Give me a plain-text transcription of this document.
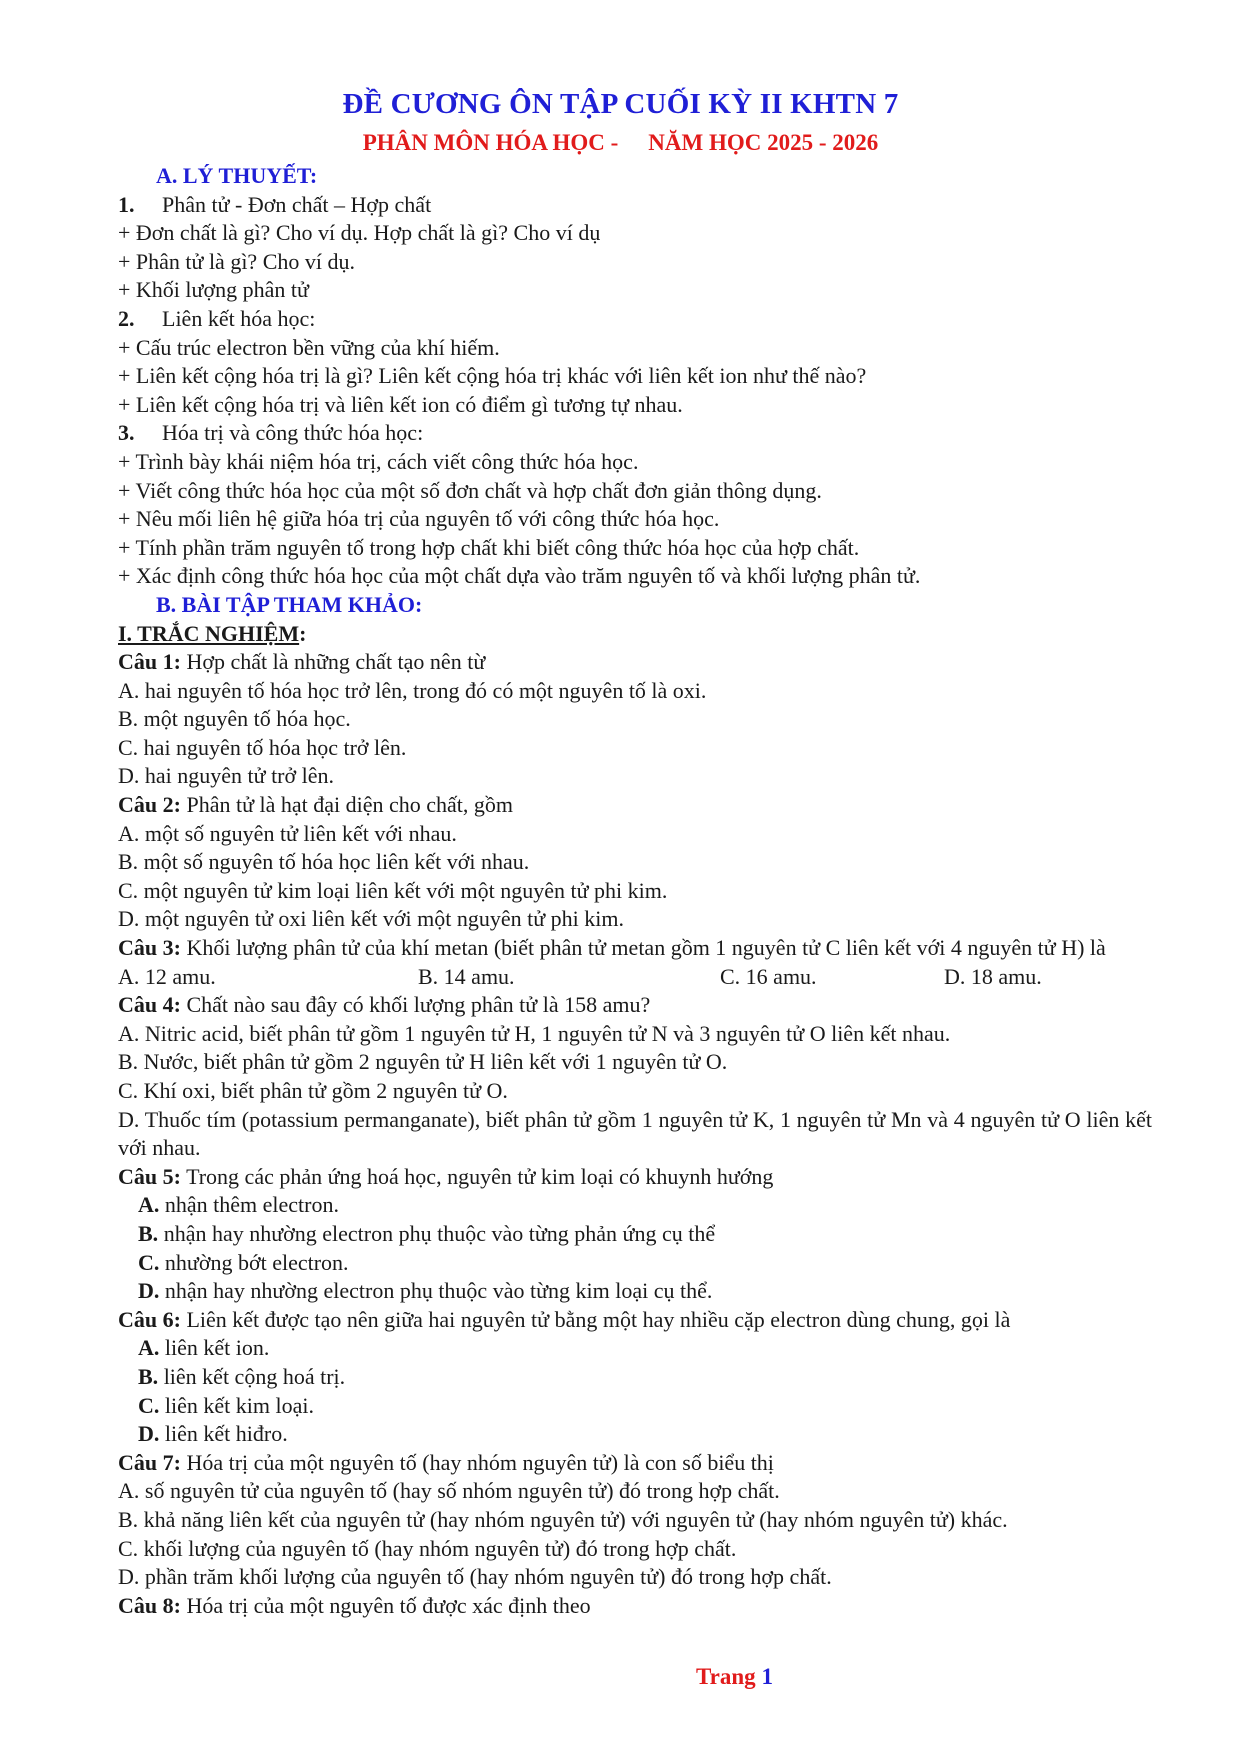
ĐỀ CƯƠNG ÔN TẬP CUỐI KỲ II KHTN 7
PHÂN MÔN HÓA HỌC - NĂM HỌC 2025 - 2026
A. LÝ THUYẾT:
1. Phân tử - Đơn chất – Hợp chất
+ Đơn chất là gì? Cho ví dụ. Hợp chất là gì? Cho ví dụ
+ Phân tử là gì? Cho ví dụ.
+ Khối lượng phân tử
2. Liên kết hóa học:
+ Cấu trúc electron bền vững của khí hiếm.
+ Liên kết cộng hóa trị là gì? Liên kết cộng hóa trị khác với liên kết ion như thế nào?
+ Liên kết cộng hóa trị và liên kết ion có điểm gì tương tự nhau.
3. Hóa trị và công thức hóa học:
+ Trình bày khái niệm hóa trị, cách viết công thức hóa học.
+ Viết công thức hóa học của một số đơn chất và hợp chất đơn giản thông dụng.
+ Nêu mối liên hệ giữa hóa trị của nguyên tố với công thức hóa học.
+ Tính phần trăm nguyên tố trong hợp chất khi biết công thức hóa học của hợp chất.
+ Xác định công thức hóa học của một chất dựa vào trăm nguyên tố và khối lượng phân tử.
B. BÀI TẬP THAM KHẢO:
I. TRẮC NGHIỆM:
Câu 1: Hợp chất là những chất tạo nên từ
A. hai nguyên tố hóa học trở lên, trong đó có một nguyên tố là oxi.
B. một nguyên tố hóa học.
C. hai nguyên tố hóa học trở lên.
D. hai nguyên tử trở lên.
Câu 2: Phân tử là hạt đại diện cho chất, gồm
A. một số nguyên tử liên kết với nhau.
B. một số nguyên tố hóa học liên kết với nhau.
C. một nguyên tử kim loại liên kết với một nguyên tử phi kim.
D. một nguyên tử oxi liên kết với một nguyên tử phi kim.
Câu 3: Khối lượng phân tử của khí metan (biết phân tử metan gồm 1 nguyên tử C liên kết với 4 nguyên tử H) là
A. 12 amu.	B. 14 amu.	C. 16 amu.	D. 18 amu.
Câu 4: Chất nào sau đây có khối lượng phân tử là 158 amu?
A. Nitric acid, biết phân tử gồm 1 nguyên tử H, 1 nguyên tử N và 3 nguyên tử O liên kết nhau.
B. Nước, biết phân tử gồm 2 nguyên tử H liên kết với 1 nguyên tử O.
C. Khí oxi, biết phân tử gồm 2 nguyên tử O.
D. Thuốc tím (potassium permanganate), biết phân tử gồm 1 nguyên tử K, 1 nguyên tử Mn và 4 nguyên tử O liên kết với nhau.
Câu 5: Trong các phản ứng hoá học, nguyên tử kim loại có khuynh hướng
A. nhận thêm electron.
B. nhận hay nhường electron phụ thuộc vào từng phản ứng cụ thể
C. nhường bớt electron.
D. nhận hay nhường electron phụ thuộc vào từng kim loại cụ thể.
Câu 6: Liên kết được tạo nên giữa hai nguyên tử bằng một hay nhiều cặp electron dùng chung, gọi là
A. liên kết ion.
B. liên kết cộng hoá trị.
C. liên kết kim loại.
D. liên kết hiđro.
Câu 7: Hóa trị của một nguyên tố (hay nhóm nguyên tử) là con số biểu thị
A. số nguyên tử của nguyên tố (hay số nhóm nguyên tử) đó trong hợp chất.
B. khả năng liên kết của nguyên tử (hay nhóm nguyên tử) với nguyên tử (hay nhóm nguyên tử) khác.
C. khối lượng của nguyên tố (hay nhóm nguyên tử) đó trong hợp chất.
D. phần trăm khối lượng của nguyên tố (hay nhóm nguyên tử) đó trong hợp chất.
Câu 8: Hóa trị của một nguyên tố được xác định theo
Trang 1
